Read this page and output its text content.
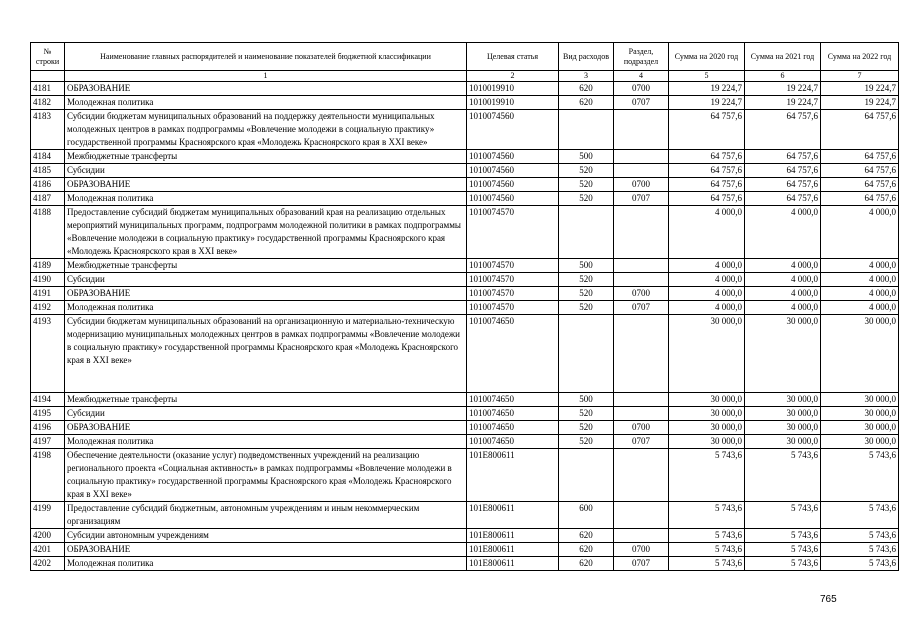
№ строки	Наименование главных распорядителей и наименование показателей бюджетной классификации	Целевая статья	Вид расходов	Раздел, подраздел	Сумма на 2020 год	Сумма на 2021 год	Сумма на 2022 год
	1	2	3	4	5	6	7
4181	ОБРАЗОВАНИЕ	1010019910	620	0700	19 224,7	19 224,7	19 224,7
4182	Молодежная политика	1010019910	620	0707	19 224,7	19 224,7	19 224,7
4183	Субсидии бюджетам муниципальных образований на поддержку деятельности муниципальных молодежных центров в рамках подпрограммы «Вовлечение молодежи в социальную практику» государственной программы Красноярского края «Молодежь Красноярского края в XXI веке»	1010074560			64 757,6	64 757,6	64 757,6
4184	Межбюджетные трансферты	1010074560	500		64 757,6	64 757,6	64 757,6
4185	Субсидии	1010074560	520		64 757,6	64 757,6	64 757,6
4186	ОБРАЗОВАНИЕ	1010074560	520	0700	64 757,6	64 757,6	64 757,6
4187	Молодежная политика	1010074560	520	0707	64 757,6	64 757,6	64 757,6
4188	Предоставление субсидий бюджетам муниципальных образований края на реализацию отдельных мероприятий муниципальных программ, подпрограмм молодежной политики в рамках подпрограммы «Вовлечение молодежи в социальную практику» государственной программы Красноярского края «Молодежь Красноярского края в XXI веке»	1010074570			4 000,0	4 000,0	4 000,0
4189	Межбюджетные трансферты	1010074570	500		4 000,0	4 000,0	4 000,0
4190	Субсидии	1010074570	520		4 000,0	4 000,0	4 000,0
4191	ОБРАЗОВАНИЕ	1010074570	520	0700	4 000,0	4 000,0	4 000,0
4192	Молодежная политика	1010074570	520	0707	4 000,0	4 000,0	4 000,0
4193	Субсидии бюджетам муниципальных образований на организационную и материально-техническую модернизацию муниципальных молодежных центров в рамках подпрограммы «Вовлечение молодежи в социальную практику» государственной программы Красноярского края «Молодежь Красноярского края в XXI веке»	1010074650			30 000,0	30 000,0	30 000,0
4194	Межбюджетные трансферты	1010074650	500		30 000,0	30 000,0	30 000,0
4195	Субсидии	1010074650	520		30 000,0	30 000,0	30 000,0
4196	ОБРАЗОВАНИЕ	1010074650	520	0700	30 000,0	30 000,0	30 000,0
4197	Молодежная политика	1010074650	520	0707	30 000,0	30 000,0	30 000,0
4198	Обеспечение деятельности (оказание услуг) подведомственных учреждений на реализацию регионального проекта «Социальная активность» в рамках подпрограммы «Вовлечение молодежи в социальную практику» государственной программы Красноярского края «Молодежь Красноярского края в XXI веке»	101E800611			5 743,6	5 743,6	5 743,6
4199	Предоставление субсидий бюджетным, автономным учреждениям и иным некоммерческим организациям	101E800611	600		5 743,6	5 743,6	5 743,6
4200	Субсидии автономным учреждениям	101E800611	620		5 743,6	5 743,6	5 743,6
4201	ОБРАЗОВАНИЕ	101E800611	620	0700	5 743,6	5 743,6	5 743,6
4202	Молодежная политика	101E800611	620	0707	5 743,6	5 743,6	5 743,6
765
